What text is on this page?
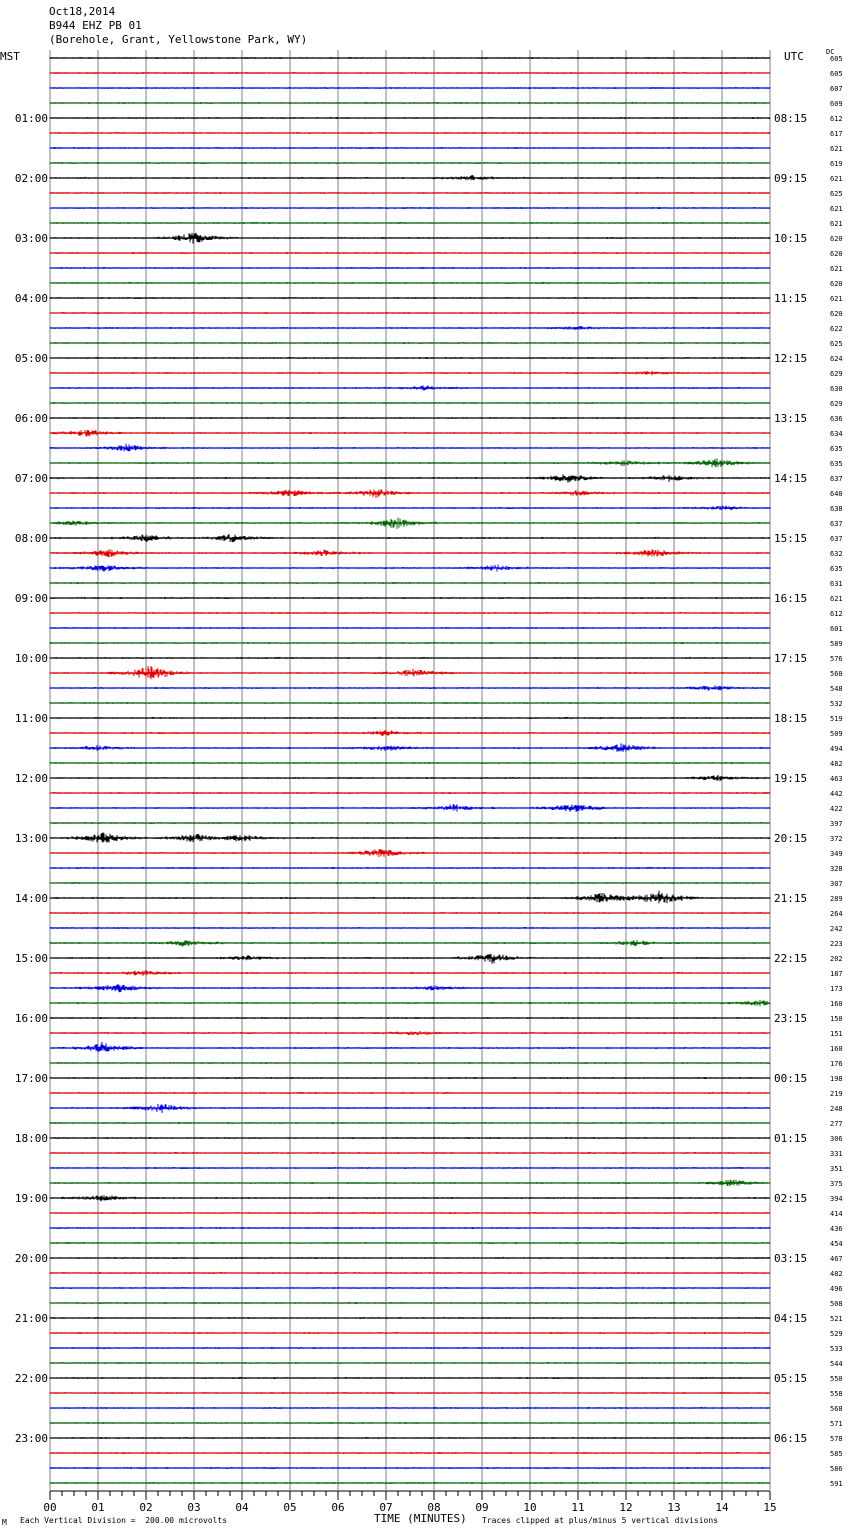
00	01	02	03	04	05	06	07	08	09	10	11	12	13	14	15
01:00
02:00
03:00
04:00
05:00
06:00
07:00
08:00
09:00
10:00
11:00
12:00
13:00
14:00
15:00
16:00
17:00
18:00
19:00
20:00
21:00
22:00
23:00
08:15
09:15
10:15
11:15
12:15
13:15
14:15
15:15
16:15
17:15
18:15
19:15
20:15
21:15
22:15
23:15
00:15
01:15
02:15
03:15
04:15
05:15
06:15
605
605
607
609
612
617
621
619
621
625
621
621
620
620
621
620
621
620
622
625
624
629
630
629
636
634
635
635
637
640
638
637
637
632
635
631
621
612
601
589
576
560
548
532
519
509
494
482
463
442
422
397
372
349
328
307
289
264
242
223
202
187
173
160
150
151
160
176
198
219
248
277
306
331
351
375
394
414
436
454
467
482
496
508
521
529
533
544
550
558
568
571
578
585
586
591
Oct18,2014
B944 EHZ PB 01
(Borehole, Grant, Yellowstone Park, WY)
MST	UTC	DC
M Each Vertical Division =  200.00 microvolts	TIME (MINUTES) Traces clipped at plus/minus 5 vertical divisions
